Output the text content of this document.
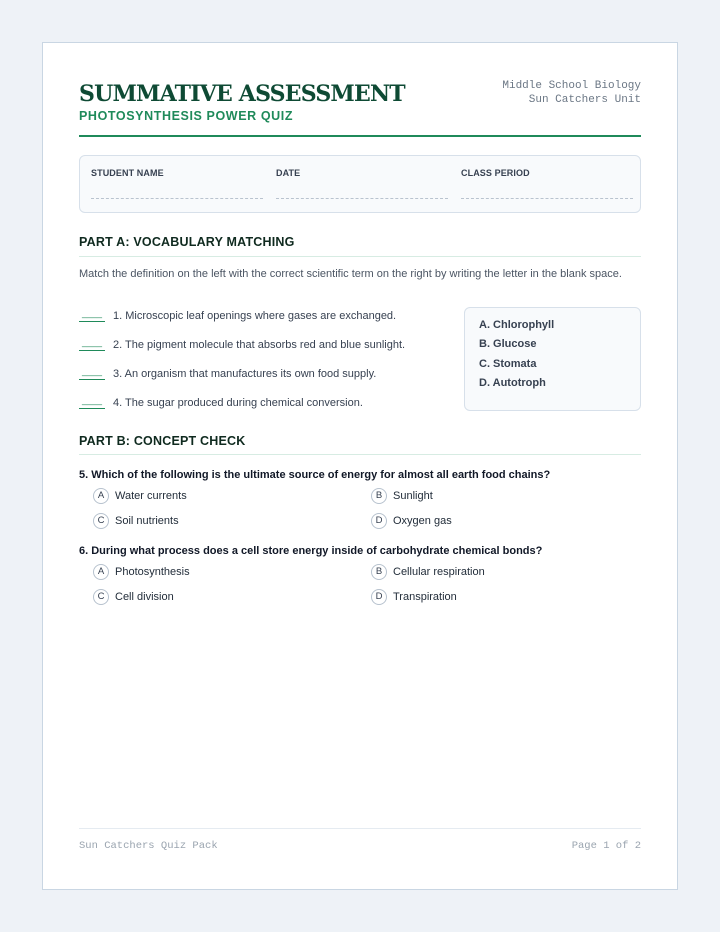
SUMMATIVE ASSESSMENT
PHOTOSYNTHESIS POWER QUIZ
Middle School Biology
Sun Catchers Unit
STUDENT NAME	DATE	CLASS PERIOD
PART A: VOCABULARY MATCHING
Match the definition on the left with the correct scientific term on the right by writing the letter in the blank space.
____ 1. Microscopic leaf openings where gases are exchanged.
____ 2. The pigment molecule that absorbs red and blue sunlight.
____ 3. An organism that manufactures its own food supply.
____ 4. The sugar produced during chemical conversion.
A. Chlorophyll
B. Glucose
C. Stomata
D. Autotroph
PART B: CONCEPT CHECK
5. Which of the following is the ultimate source of energy for almost all earth food chains?
A Water currents	B Sunlight
C Soil nutrients	D Oxygen gas
6. During what process does a cell store energy inside of carbohydrate chemical bonds?
A Photosynthesis	B Cellular respiration
C Cell division	D Transpiration
Sun Catchers Quiz Pack	Page 1 of 2
